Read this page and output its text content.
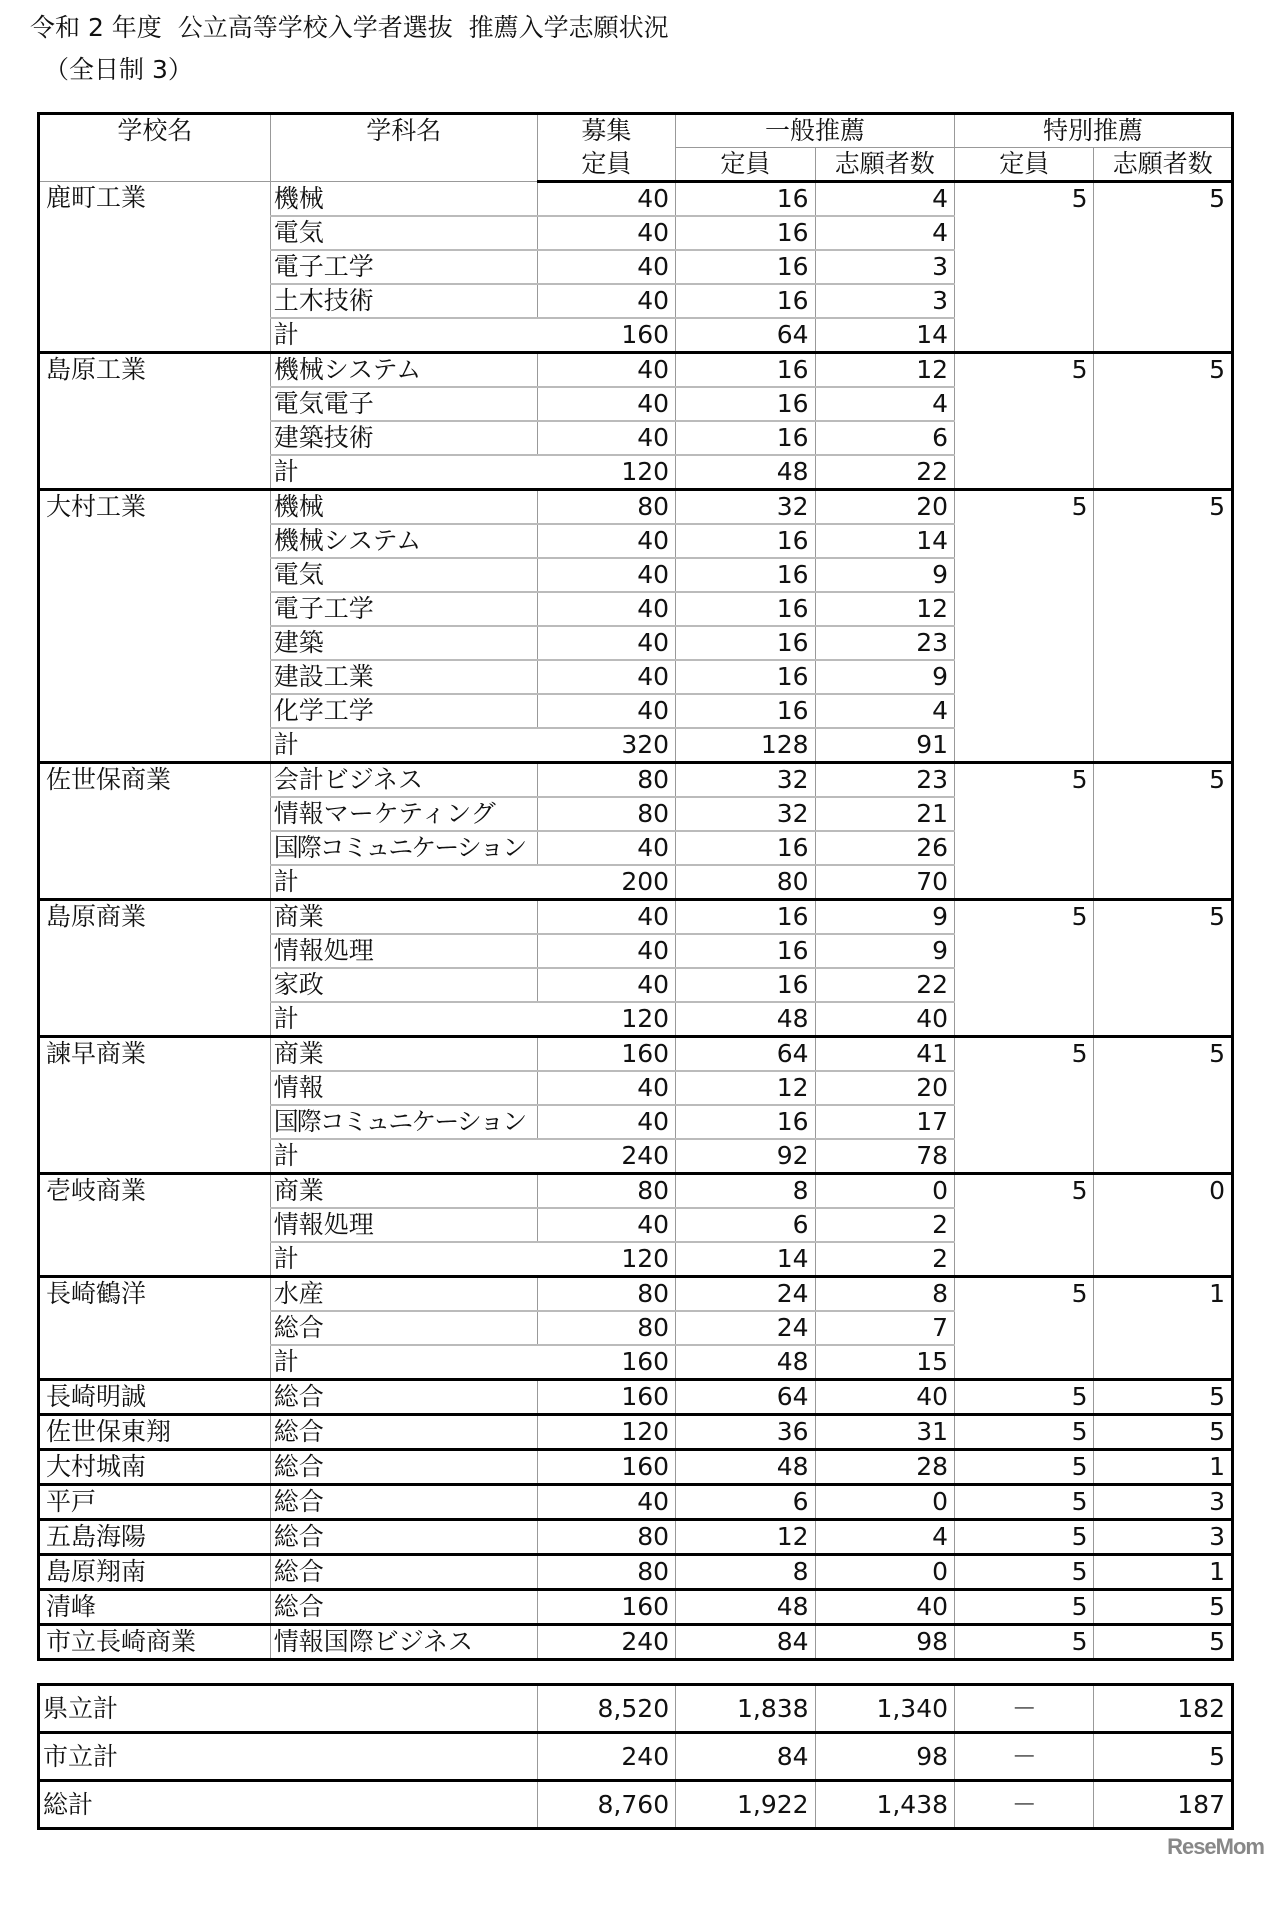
令和 2 年度  公立高等学校入学者選抜  推薦入学志願状況
（全日制 3）
学校名	学科名	募集	一般推薦		特別推薦	
		定員	定員	志願者数	定員	志願者数
鹿町工業	機械	40	16	4	5	5
	電気	40	16	4		
	電子工学	40	16	3		
	土木技術	40	16	3		
	計	160	64	14		
島原工業	機械システム	40	16	12	5	5
	電気電子	40	16	4		
	建築技術	40	16	6		
	計	120	48	22		
大村工業	機械	80	32	20	5	5
	機械システム	40	16	14		
	電気	40	16	9		
	電子工学	40	16	12		
	建築	40	16	23		
	建設工業	40	16	9		
	化学工学	40	16	4		
	計	320	128	91		
佐世保商業	会計ビジネス	80	32	23	5	5
	情報マーケティング	80	32	21		
	国際コミュニケーション	40	16	26		
	計	200	80	70		
島原商業	商業	40	16	9	5	5
	情報処理	40	16	9		
	家政	40	16	22		
	計	120	48	40		
諫早商業	商業	160	64	41	5	5
	情報	40	12	20		
	国際コミュニケーション	40	16	17		
	計	240	92	78		
壱岐商業	商業	80	8	0	5	0
	情報処理	40	6	2		
	計	120	14	2		
長崎鶴洋	水産	80	24	8	5	1
	総合	80	24	7		
	計	160	48	15		
長崎明誠	総合	160	64	40	5	5
佐世保東翔	総合	120	36	31	5	5
大村城南	総合	160	48	28	5	1
平戸	総合	40	6	0	5	3
五島海陽	総合	80	12	4	5	3
島原翔南	総合	80	8	0	5	1
清峰	総合	160	48	40	5	5
市立長崎商業	情報国際ビジネス	240	84	98	5	5
県立計		8,520	1,838	1,340	－	182
市立計		240	84	98	－	5
総計		8,760	1,922	1,438	－	187
ReseMom
